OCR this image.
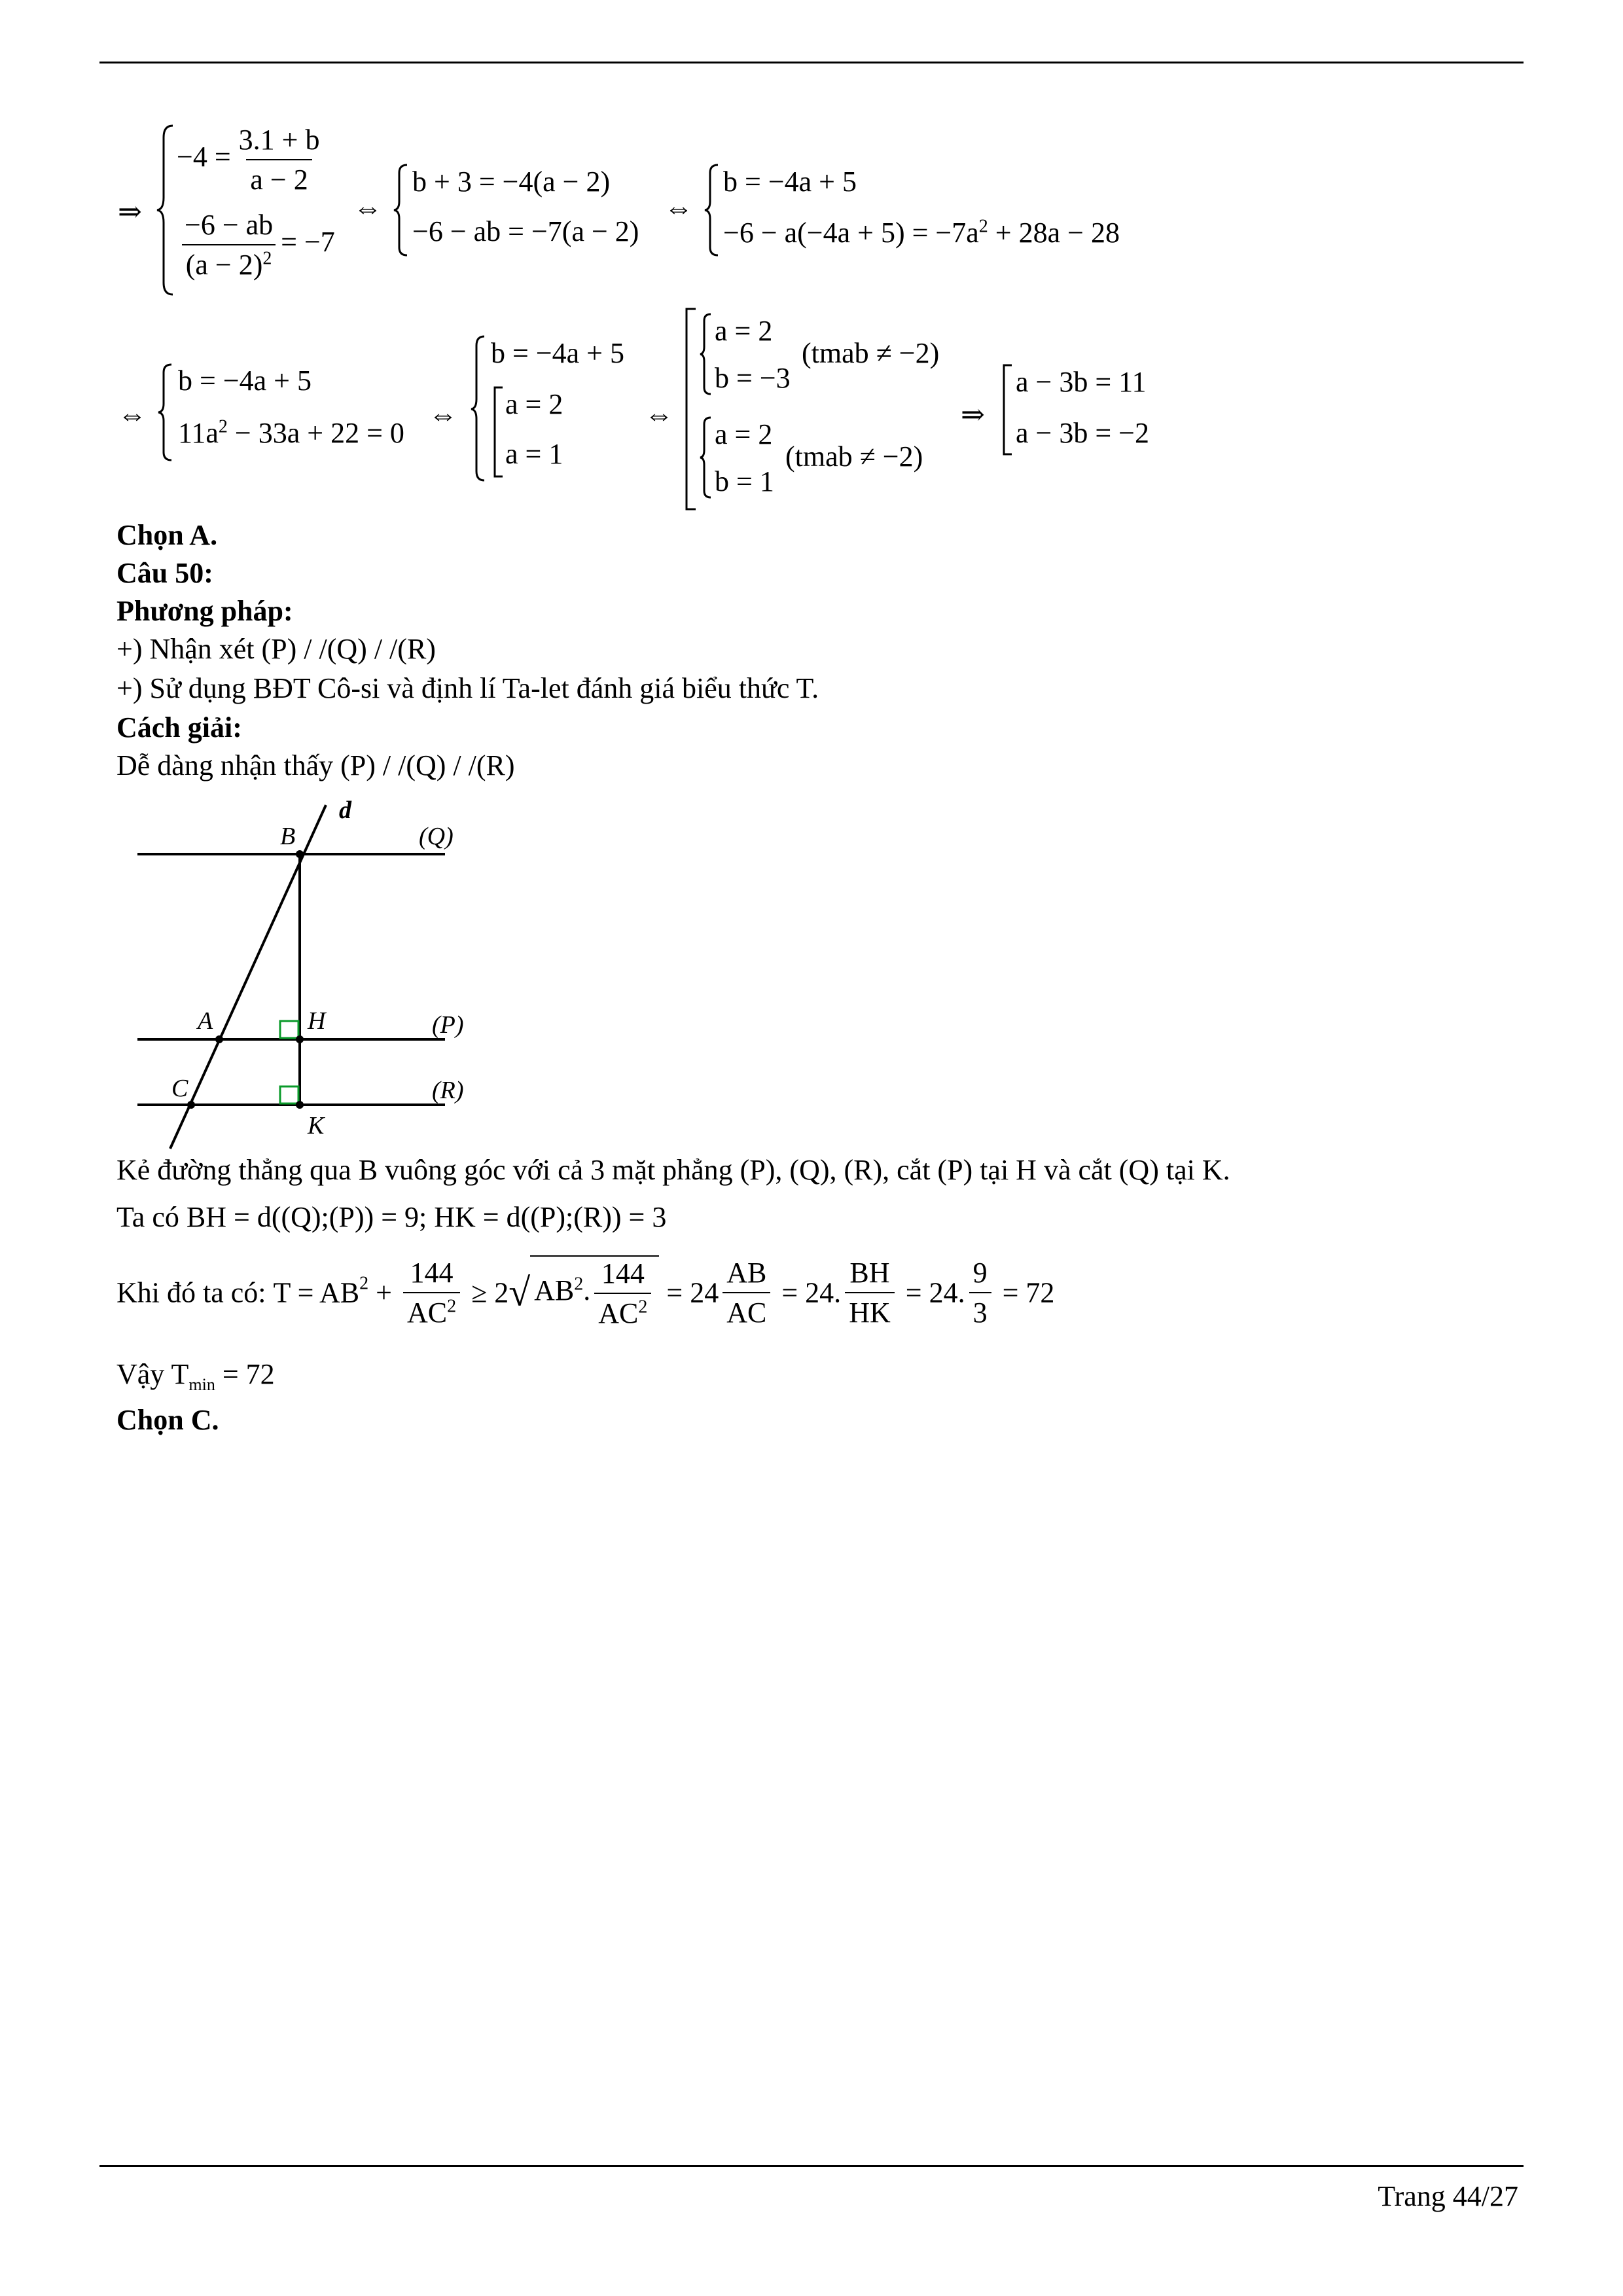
⇒
$-4 = \frac{3.1 + b}{a - 2}$
$\frac{-6 - ab}{(a - 2)^2} = -7$
⇔
b + 3 = −4(a − 2)
−6 − ab = −7(a − 2)
⇔
b = −4a + 5
$-6 - a(-4a + 5) = -7a^2 + 28a - 28$
⇔
b = −4a + 5
$11a^2 - 33a + 22 = 0$
⇔
b = −4a + 5
a = 2
a = 1
⇔
a = 2
b = −3
(tmab ≠ −2)
a = 2
b = 1
(tmab ≠ −2)
⇒
a − 3b = 11
a − 3b = −2
Chọn A.
Câu 50:
Phương pháp:
+) Nhận xét (P) / /(Q) / /(R)
+) Sử dụng BĐT Cô-si và định lí Ta-let đánh giá biểu thức T.
Cách giải:
Dễ dàng nhận thấy (P) / /(Q) / /(R)
d
(Q)
(P)
(R)
B
A	H
C
K
Kẻ đường thẳng qua B vuông góc với cả 3 mặt phẳng (P), (Q), (R), cắt (P) tại H và cắt (Q) tại K.
Ta có BH = d((Q);(P)) = 9; HK = d((P);(R)) = 3
Khi đó ta có: $T = AB^2 + \frac{144}{AC^2} \ge 2√$ $AB^2$. $\frac{144}{AC^2} = 24 \frac{AB}{AC} = 24$. $\frac{BH}{HK} = 24$. $\frac{9}{3} = 72$
Vậy $T_{min} = 72$
Chọn C.
Trang 44/27
